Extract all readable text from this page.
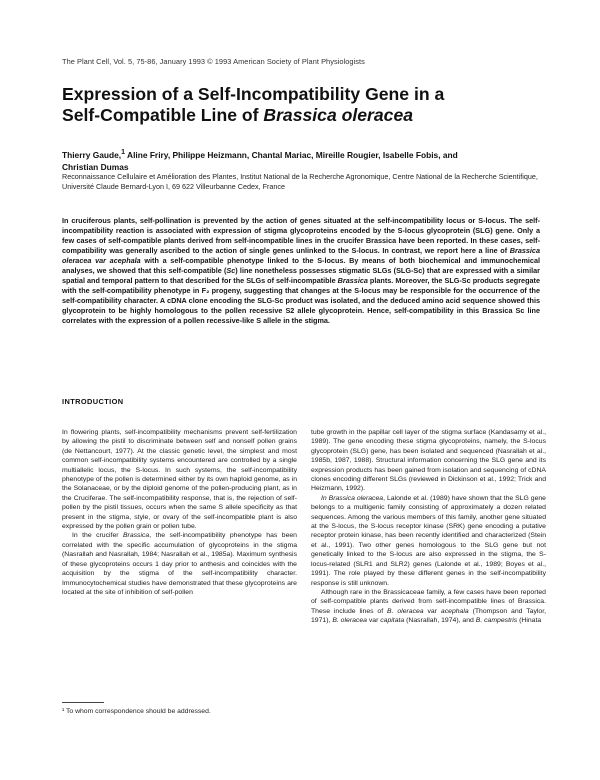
The Plant Cell, Vol. 5, 75-86, January 1993 © 1993 American Society of Plant Physiologists
Expression of a Self-Incompatibility Gene in a
Self-Compatible Line of Brassica oleracea
Thierry Gaude,$^1$ Aline Friry, Philippe Heizmann, Chantal Mariac, Mireille Rougier, Isabelle Fobis, and
Christian Dumas
Reconnaissance Cellulaire et Amélioration des Plantes, Institut National de la Recherche Agronomique, Centre National de la Recherche Scientifique, Université Claude Bernard-Lyon I, 69 622 Villeurbanne Cedex, France
In cruciferous plants, self-pollination is prevented by the action of genes situated at the self-incompatibility locus or S-locus. The self-incompatibility reaction is associated with expression of stigma glycoproteins encoded by the S-locus glycoprotein (SLG) gene. Only a few cases of self-compatible plants derived from self-incompatible lines in the crucifer Brassica have been reported. In these cases, self-compatibility was generally ascribed to the action of single genes unlinked to the S-locus. In contrast, we report here a line of Brassica oleracea var acephala with a self-compatible phenotype linked to the S-locus. By means of both biochemical and immunochemical analyses, we showed that this self-compatible (Sc) line nonetheless possesses stigmatic SLGs (SLG-Sc) that are expressed with a similar spatial and temporal pattern to that described for the SLGs of self-incompatible Brassica plants. Moreover, the SLG-Sc products segregate with the self-compatibility phenotype in F₂ progeny, suggesting that changes at the S-locus may be responsible for the occurrence of the self-compatibility character. A cDNA clone encoding the SLG-Sc product was isolated, and the deduced amino acid sequence showed this glycoprotein to be highly homologous to the pollen recessive S2 allele glycoprotein. Hence, self-compatibility in this Brassica Sc line correlates with the expression of a pollen recessive-like S allele in the stigma.
INTRODUCTION

In flowering plants, self-incompatibility mechanisms prevent self-fertilization by allowing the pistil to discriminate between self and nonself pollen grains (de Nettancourt, 1977). At the classic genetic level, the simplest and most common self-incompatibility systems encountered are controlled by a single multiallelic locus, the S-locus. In such systems, the self-incompatibility phenotype of the pollen is determined either by its own haploid genome, as in the Solanaceae, or by the diploid genome of the pollen-producing plant, as in the Cruciferae. The self-incompatibility response, that is, the rejection of self-pollen by the pistil tissues, occurs when the same S allele specificity as that present in the stigma, style, or ovary of the self-incompatible plant is also expressed by the pollen grain or pollen tube.

In the crucifer Brassica, the self-incompatibility phenotype has been correlated with the specific accumulation of glycoproteins in the stigma (Nasrallah and Nasrallah, 1984; Nasrallah et al., 1985a). Maximum synthesis of these glycoproteins occurs 1 day prior to anthesis and coincides with the acquisition by the stigma of the self-incompatibility character. Immunocytochemical studies have demonstrated that these glycoproteins are located at the site of inhibition of self-pollen

tube growth in the papillar cell layer of the stigma surface (Kandasamy et al., 1989). The gene encoding these stigma glycoproteins, namely, the S-locus glycoprotein (SLG) gene, has been isolated and sequenced (Nasrallah et al., 1985b, 1987, 1988). Structural information concerning the SLG gene and its expression products has been gained from isolation and sequencing of cDNA clones encoding different SLGs (reviewed in Dickinson et al., 1992; Trick and Heizmann, 1992).

In Brassica oleracea, Lalonde et al. (1989) have shown that the SLG gene belongs to a multigenic family consisting of approximately a dozen related sequences. Among the various members of this family, another gene situated at the S-locus, the S-locus receptor kinase (SRK) gene encoding a putative receptor protein kinase, has been recently identified and characterized (Stein et al., 1991). Two other genes homologous to the SLG gene but not genetically linked to the S-locus are also expressed in the stigma, the S-locus-related (SLR1 and SLR2) genes (Lalonde et al., 1989; Boyes et al., 1991). The role played by these different genes in the self-incompatibility response is still unknown.

Although rare in the Brassicaceae family, a few cases have been reported of self-compatible plants derived from self-incompatible lines of Brassica. These include lines of B. oleracea var acephala (Thompson and Taylor, 1971), B. oleracea var capitata (Nasrallah, 1974), and B. campestris (Hinata

¹ To whom correspondence should be addressed.
